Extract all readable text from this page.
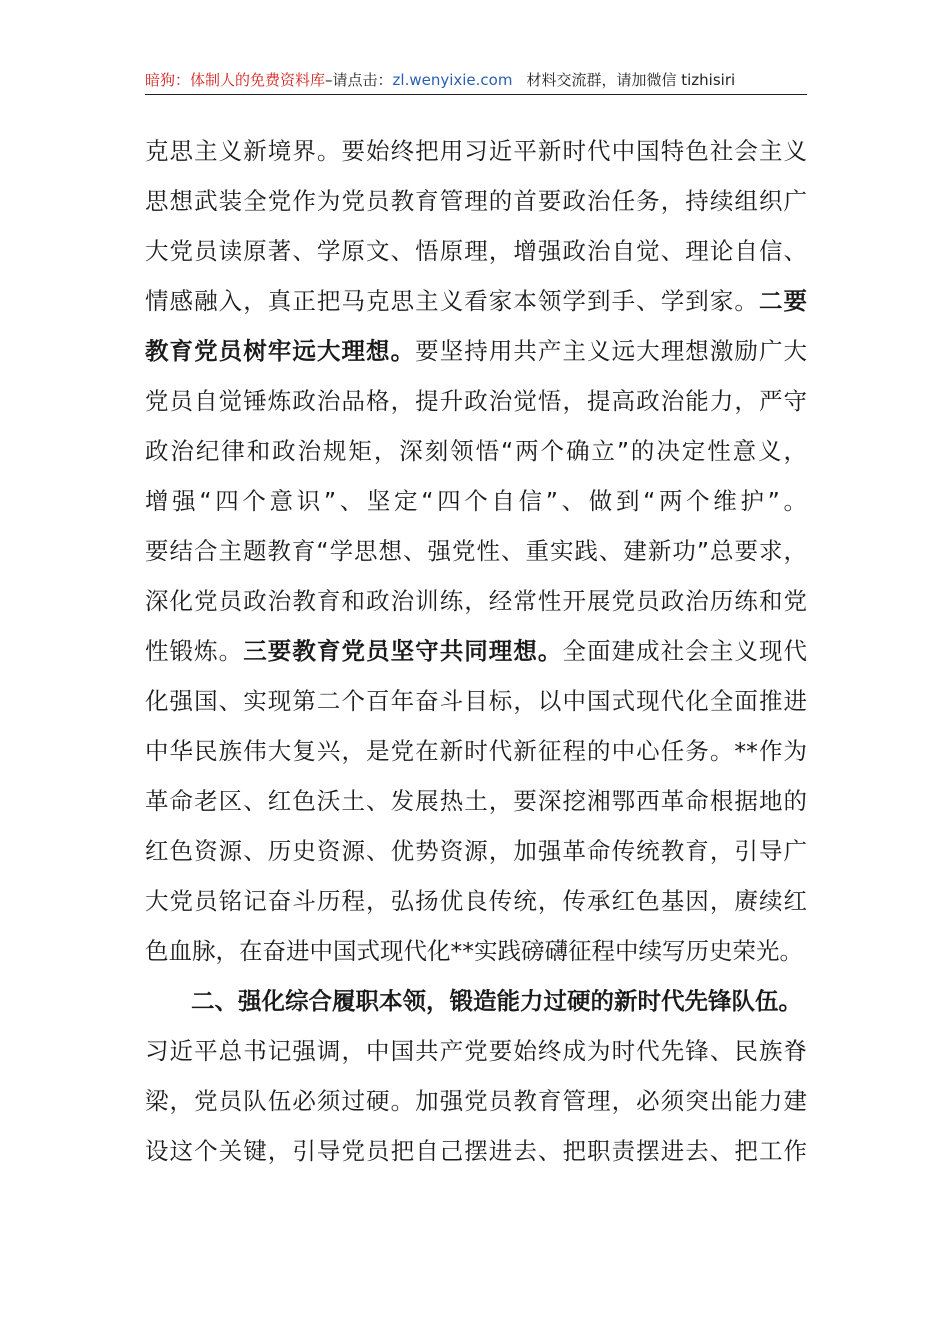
暗狗：体制人的免费资料库–请点击：zl.wenyixie.com 材料交流群，请加微信 tizhisiri
克思主义新境界。要始终把用习近平新时代中国特色社会主义
思想武装全党作为党员教育管理的首要政治任务，持续组织广
大党员读原著、学原文、悟原理，增强政治自觉、理论自信、
情感融入，真正把马克思主义看家本领学到手、学到家。二要
教育党员树牢远大理想。要坚持用共产主义远大理想激励广大
党员自觉锤炼政治品格，提升政治觉悟，提高政治能力，严守
政治纪律和政治规矩，深刻领悟“两个确立”的决定性意义，
增强“四个意识”、坚定“四个自信”、做到“两个维护”。
要结合主题教育“学思想、强党性、重实践、建新功”总要求，
深化党员政治教育和政治训练，经常性开展党员政治历练和党
性锻炼。三要教育党员坚守共同理想。全面建成社会主义现代
化强国、实现第二个百年奋斗目标，以中国式现代化全面推进
中华民族伟大复兴，是党在新时代新征程的中心任务。**作为
革命老区、红色沃土、发展热土，要深挖湘鄂西革命根据地的
红色资源、历史资源、优势资源，加强革命传统教育，引导广
大党员铭记奋斗历程，弘扬优良传统，传承红色基因，赓续红
色血脉，在奋进中国式现代化**实践磅礴征程中续写历史荣光。
二、强化综合履职本领，锻造能力过硬的新时代先锋队伍。
习近平总书记强调，中国共产党要始终成为时代先锋、民族脊
梁，党员队伍必须过硬。加强党员教育管理，必须突出能力建
设这个关键，引导党员把自己摆进去、把职责摆进去、把工作
